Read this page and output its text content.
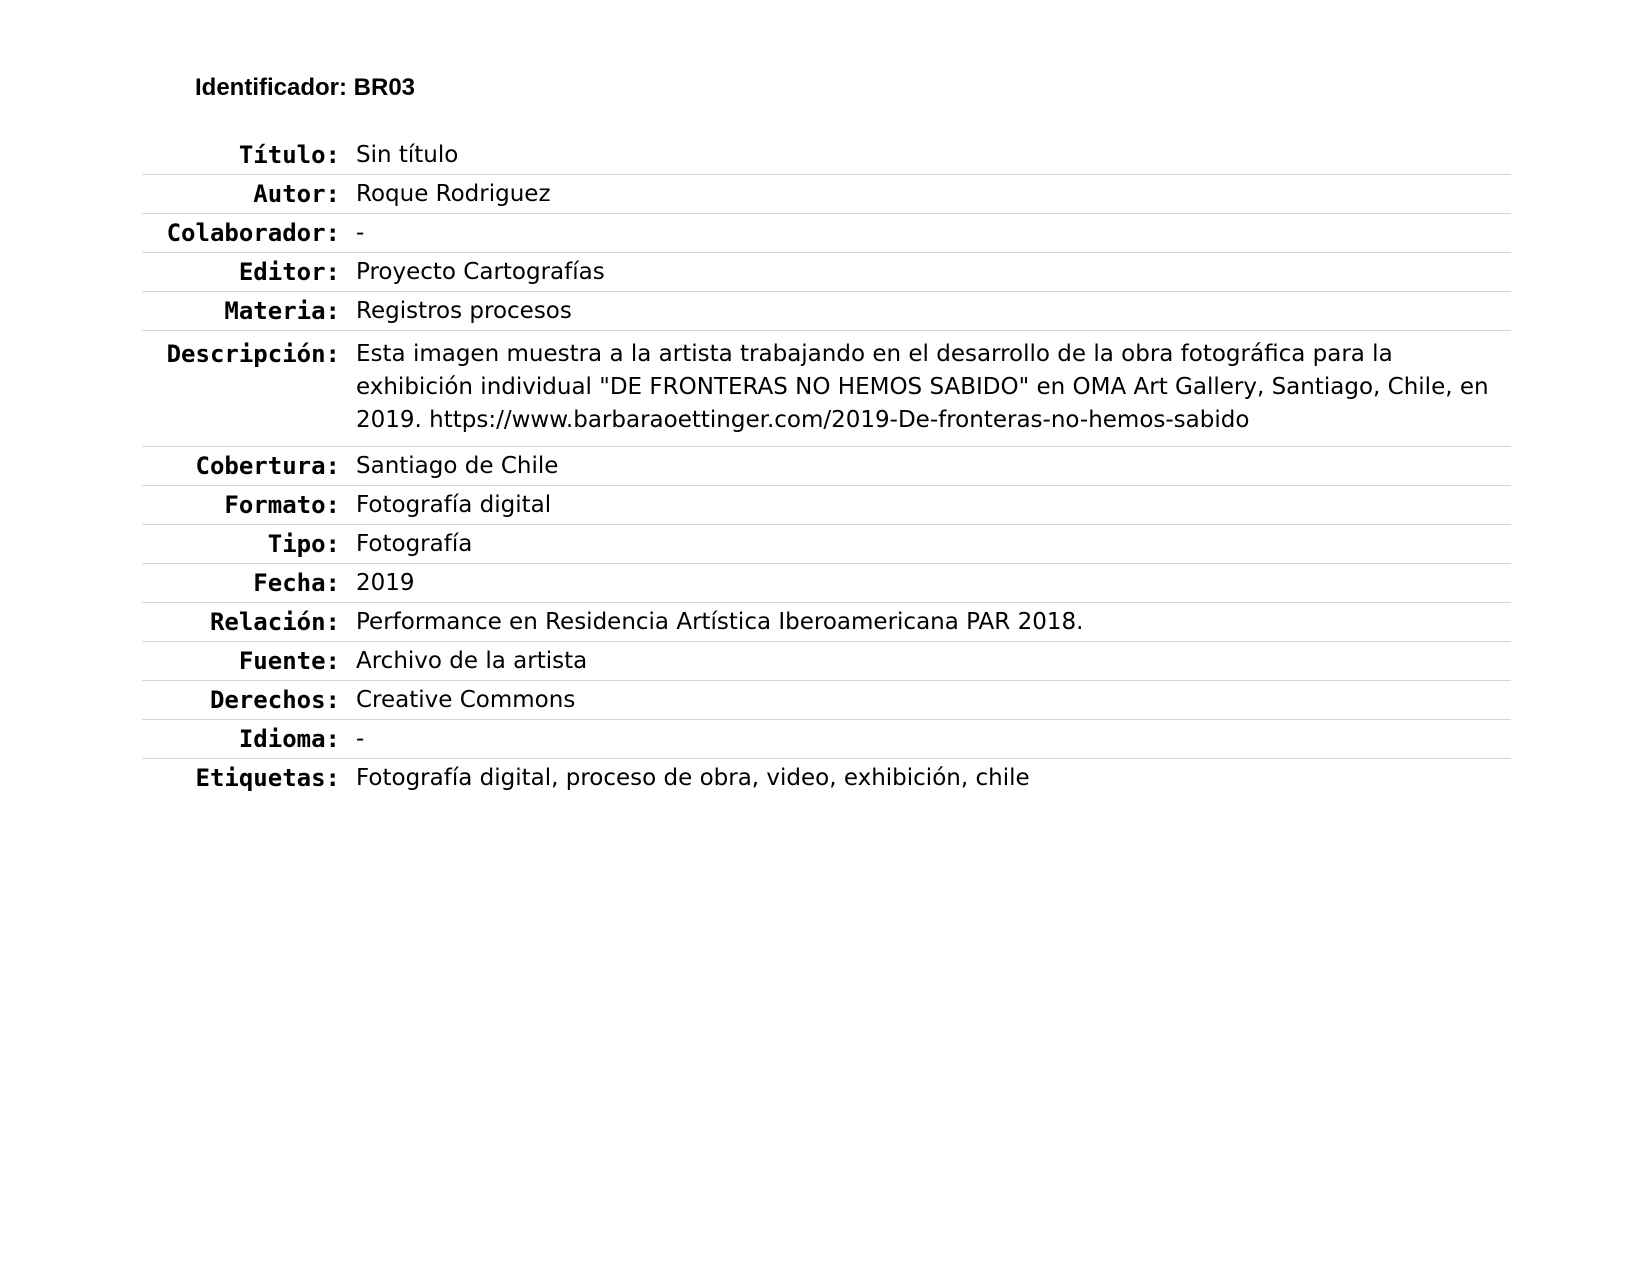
Identificador: BR03
Título:	Sin título
Autor:	Roque Rodriguez
Colaborador:	-
Editor:	Proyecto Cartografías
Materia:	Registros procesos
Descripción:	Esta imagen muestra a la artista trabajando en el desarrollo de la obra fotográfica para la exhibición individual "DE FRONTERAS NO HEMOS SABIDO" en OMA Art Gallery, Santiago, Chile, en 2019. https://www.barbaraoettinger.com/2019-De-fronteras-no-hemos-sabido
Cobertura:	Santiago de Chile
Formato:	Fotografía digital
Tipo:	Fotografía
Fecha:	2019
Relación:	Performance en Residencia Artística Iberoamericana PAR 2018.
Fuente:	Archivo de la artista
Derechos:	Creative Commons
Idioma:	-
Etiquetas:	Fotografía digital, proceso de obra, video, exhibición, chile
